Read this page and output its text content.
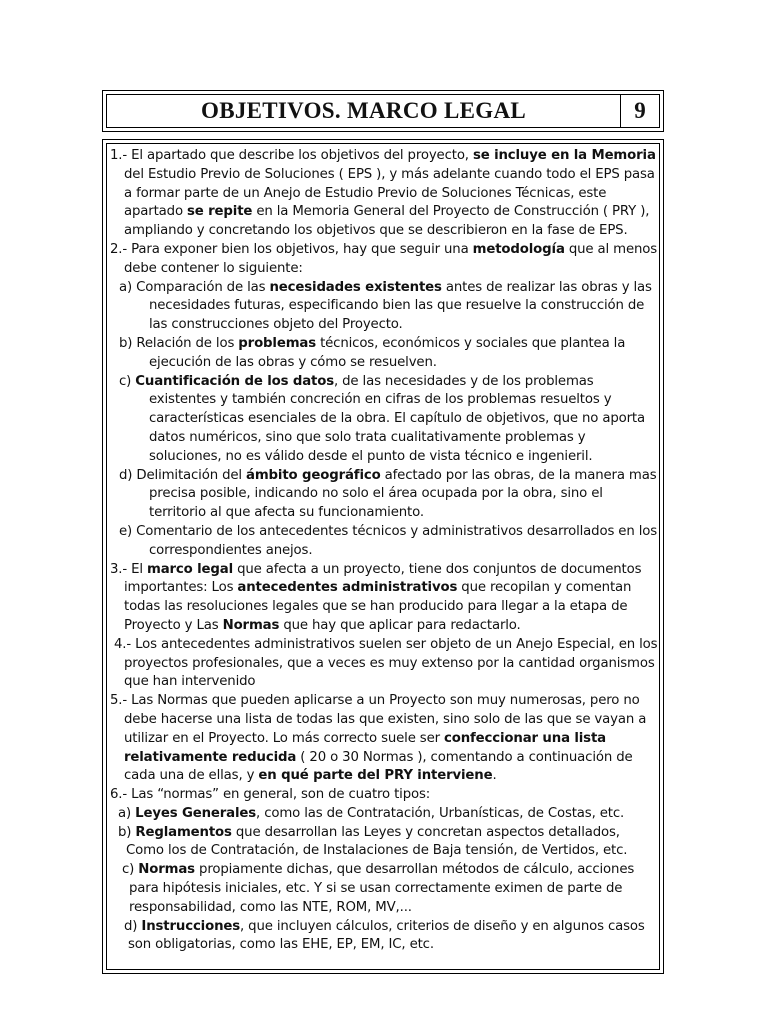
OBJETIVOS. MARCO LEGAL	9

1.- El apartado que describe los objetivos del proyecto, se incluye en la Memoria del Estudio Previo de Soluciones ( EPS ), y más adelante cuando todo el EPS pasa a formar parte de un Anejo de Estudio Previo de Soluciones Técnicas, este apartado se repite en la Memoria General del Proyecto de Construcción ( PRY ), ampliando y concretando los objetivos que se describieron en la fase de EPS.

2.- Para exponer bien los objetivos, hay que seguir una metodología que al menos debe contener lo siguiente:

a) Comparación de las necesidades existentes antes de realizar las obras y las necesidades futuras, especificando bien las que resuelve la construcción de las construcciones objeto del Proyecto.

b) Relación de los problemas técnicos, económicos y sociales que plantea la ejecución de las obras y cómo se resuelven.

c) Cuantificación de los datos, de las necesidades y de los problemas existentes y también concreción en cifras de los problemas resueltos y características esenciales de la obra. El capítulo de objetivos, que no aporta datos numéricos, sino que solo trata cualitativamente problemas y soluciones, no es válido desde el punto de vista técnico e ingenieril.

d) Delimitación del ámbito geográfico afectado por las obras, de la manera mas precisa posible, indicando no solo el área ocupada por la obra, sino el territorio al que afecta su funcionamiento.

e) Comentario de los antecedentes técnicos y administrativos desarrollados en los correspondientes anejos.

3.- El marco legal que afecta a un proyecto, tiene dos conjuntos de documentos importantes: Los antecedentes administrativos que recopilan y comentan todas las resoluciones legales que se han producido para llegar a la etapa de Proyecto y Las Normas que hay que aplicar para redactarlo.

4.- Los antecedentes administrativos suelen ser objeto de un Anejo Especial, en los proyectos profesionales, que a veces es muy extenso por la cantidad organismos que han intervenido

5.- Las Normas que pueden aplicarse a un Proyecto son muy numerosas, pero no debe hacerse una lista de todas las que existen, sino solo de las que se vayan a utilizar en el Proyecto. Lo más correcto suele ser confeccionar una lista relativamente reducida ( 20 o 30 Normas ), comentando a continuación de cada una de ellas, y en qué parte del PRY interviene.

6.- Las “normas” en general, son de cuatro tipos:

a) Leyes Generales, como las de Contratación, Urbanísticas, de Costas, etc.

b) Reglamentos que desarrollan las Leyes y concretan aspectos detallados, Como los de Contratación, de Instalaciones de Baja tensión, de Vertidos, etc.

c) Normas propiamente dichas, que desarrollan métodos de cálculo, acciones para hipótesis iniciales, etc. Y si se usan correctamente eximen de parte de responsabilidad, como las NTE, ROM, MV,...

d) Instrucciones, que incluyen cálculos, criterios de diseño y en algunos casos son obligatorias, como las EHE, EP, EM, IC, etc.
